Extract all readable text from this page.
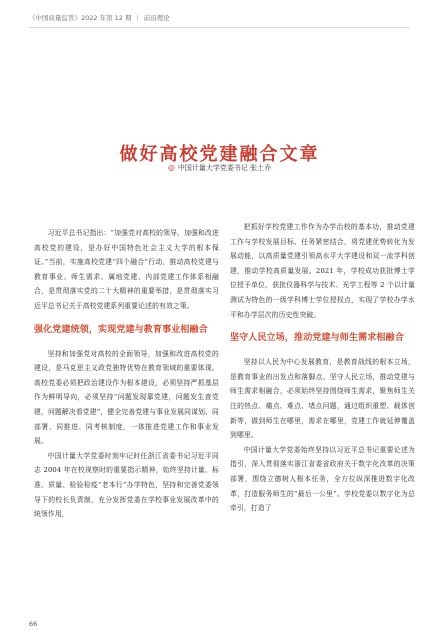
《中国质量监管》2022 年第 12 期 | 前沿理论
做好高校党建融合文章
◎ 中国计量大学党委书记 张土乔

习近平总书记指出：“加强党对高校的领导，加强和改进高校党的建设，是办好中国特色社会主义大学的根本保证。”当前，实施高校党建“四个融合”行动，推动高校党建与教育事业、师生需求、属地党建、内部党建工作体系相融合，是贯彻落实党的二十大精神的重要举措，是贯彻落实习近平总书记关于高校党建系列重要论述的有效之策。

强化党建统领，实现党建与教育事业相融合

坚持和加强党对高校的全面领导，加强和改进高校党的建设，是马克思主义政党独特优势在教育领域的重要体现。高校党委必须把政治建设作为根本建设，必须坚持严抓基层作为鲜明导向，必须坚持“问题发现靠党建，问题发生查党建，问题解决看党建”，健全完善党建与事业发展同谋划、同部署、同推进、同考核制度，一体推进党建工作和事业发展。

中国计量大学党委时刻牢记时任浙江省委书记习近平同志 2004 年在校视察时的重要指示精神，始终坚持计量、标准、质量、检验检疫“老本行”办学特色，坚持和完善党委领导下的校长负责制，充分发挥党委在学校事业发展改革中的统领作用，

把抓好学校党建工作作为办学治校的基本功，推动党建工作与学校发展目标、任务紧密结合，将党建优势转化为发展动能，以高质量党建引领高水平大学建设和双一流学科创建，推动学校高质量发展。2021 年，学校成功获批博士学位授予单位，获批仪器科学与技术、光学工程等 2 个以计量测试为特色的一级学科博士学位授权点，实现了学校办学水平和办学层次的历史性突破。

坚守人民立场，推动党建与师生需求相融合

坚持以人民为中心发展教育，是教育战线的根本立场，是教育事业的出发点和落脚点。坚守人民立场，推动党建与师生需求相融合，必须始终坚持围绕师生需求，聚焦师生关注的热点、痛点、难点、堵点问题，通过组织重塑、载体创新等，做到师生在哪里，需求在哪里，党建工作就延伸覆盖到哪里。

中国计量大学党委始终坚持以习近平总书记重要论述为指引，深入贯彻落实浙江省委省政府关于数字化改革的决策部署，围绕立德树人根本任务，全方位纵深推进数字化改革，打造服务师生的“最后一公里”。学校党委以数字化为总牵引，打造了

66
